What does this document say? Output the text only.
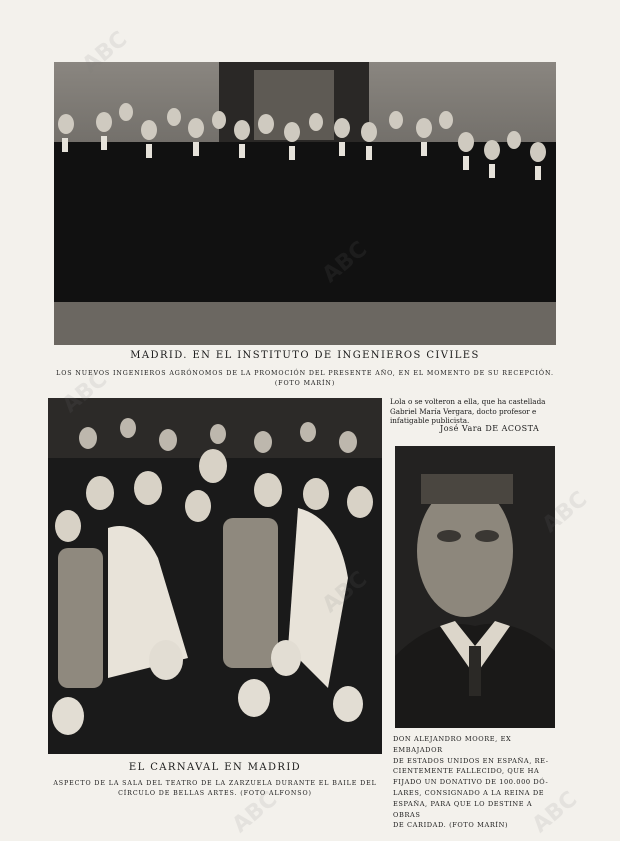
MADRID. EN EL INSTITUTO DE INGENIEROS CIVILES
LOS NUEVOS INGENIEROS AGRÓNOMOS DE LA PROMOCIÓN DEL PRESENTE AÑO, EN EL MOMENTO DE SU RECEPCIÓN.
(FOTO MARÍN)
EL CARNAVAL EN MADRID
ASPECTO DE LA SALA DEL TEATRO DE LA ZARZUELA DURANTE EL BAILE DEL
CÍRCULO DE BELLAS ARTES. (FOTO ALFONSO)
Lola o se volteron a ella, que ha castellada Gabriel María Vergara, docto profesor e infatigable publicista.
José Vara DE ACOSTA
DON ALEJANDRO MOORE, EX EMBAJADOR
DE ESTADOS UNIDOS EN ESPAÑA, RE-
CIENTEMENTE FALLECIDO, QUE HA
FIJADO UN DONATIVO DE 100.000 DÓ-
LARES, CONSIGNADO A LA REINA DE
ESPAÑA, PARA QUE LO DESTINE A OBRAS
DE CARIDAD. (FOTO MARÍN)
ABC
ABC
ABC
ABC	ABC
